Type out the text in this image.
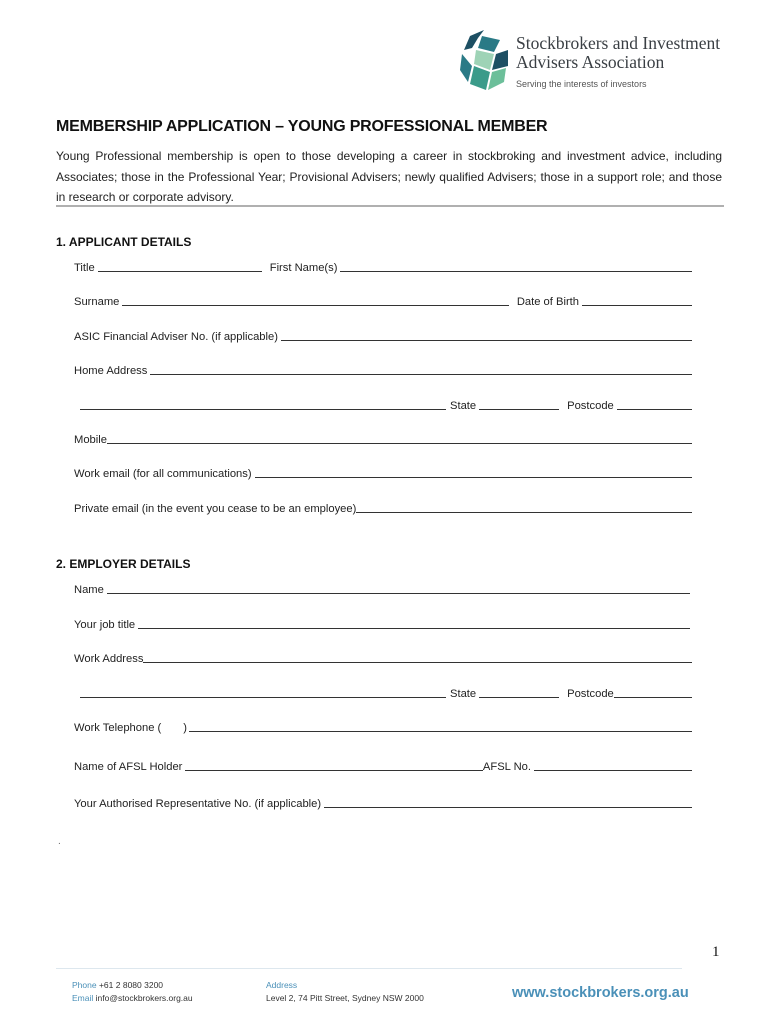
Stockbrokers and Investment
Advisers Association
Serving the interests of investors
MEMBERSHIP APPLICATION – YOUNG PROFESSIONAL MEMBER
Young Professional membership is open to those developing a career in stockbroking and investment advice, including Associates; those in the Professional Year; Provisional Advisers; newly qualified Advisers; those in a support role; and those in research or corporate advisory.
1. APPLICANT DETAILS
Title	First Name(s)
Surname	Date of Birth
ASIC Financial Adviser No. (if applicable)
Home Address
State	Postcode
Mobile
Work email (for all communications)
Private email (in the event you cease to be an employee)
2. EMPLOYER DETAILS
Name
Your job title
Work Address
State	Postcode
Work Telephone ( )
Name of AFSL Holder	AFSL No.
Your Authorised Representative No. (if applicable)
.
1
Phone +61 2 8080 3200
Email info@stockbrokers.org.au
Address
Level 2, 74 Pitt Street, Sydney NSW 2000	www.stockbrokers.org.au
